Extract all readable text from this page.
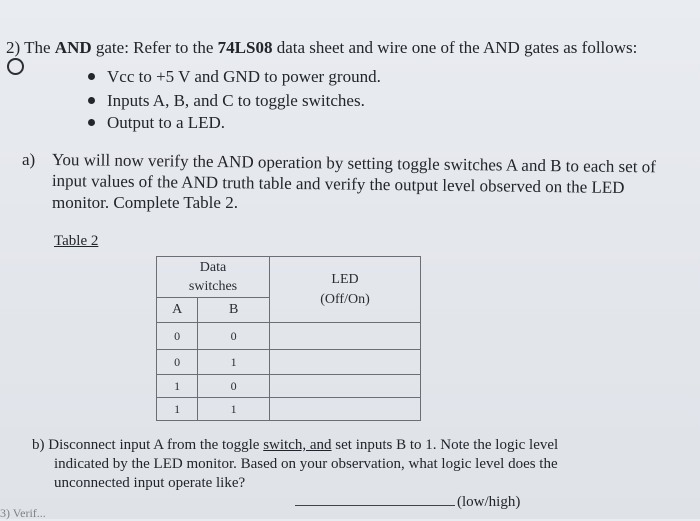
2) The AND gate: Refer to the 74LS08 data sheet and wire one of the AND gates as follows:
Vcc to +5 V and GND to power ground.
Inputs A, B, and C to toggle switches.
Output to a LED.
a) You will now verify the AND operation by setting toggle switches A and B to each set of
input values of the AND truth table and verify the output level observed on the LED
monitor. Complete Table 2.
Table 2
Data
switches		LED
(Off/On)
A	B	
0	0	
0	1	
1	0	
1	1	
b) Disconnect input A from the toggle switch, and set inputs B to 1. Note the logic level
indicated by the LED monitor. Based on your observation, what logic level does the
unconnected input operate like?
(low/high)
3) Verif...
